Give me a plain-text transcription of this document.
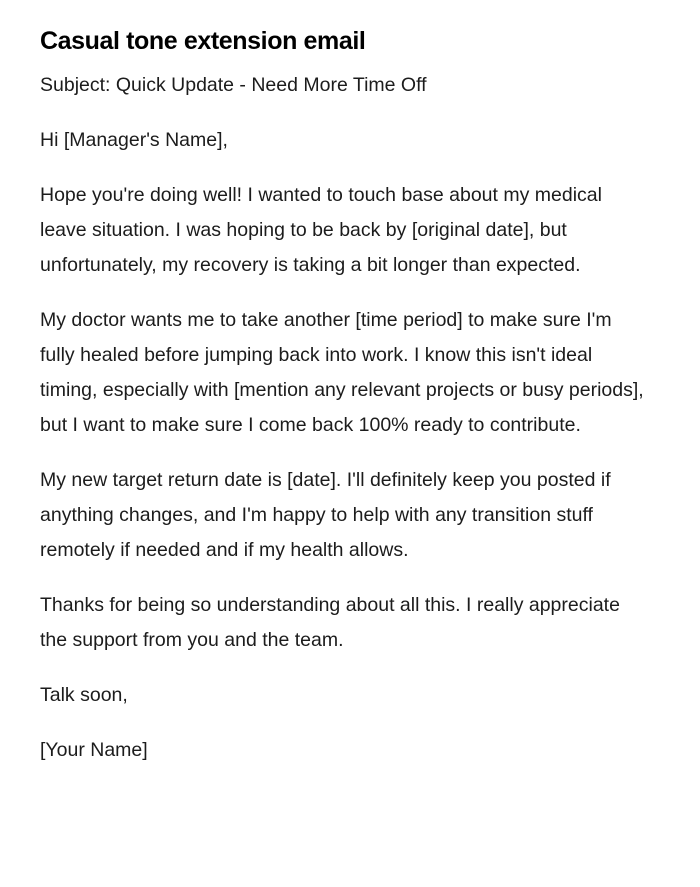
Casual tone extension email

Subject: Quick Update - Need More Time Off

Hi [Manager's Name],

Hope you're doing well! I wanted to touch base about my medical leave situation. I was hoping to be back by [original date], but unfortunately, my recovery is taking a bit longer than expected.

My doctor wants me to take another [time period] to make sure I'm fully healed before jumping back into work. I know this isn't ideal timing, especially with [mention any relevant projects or busy periods], but I want to make sure I come back 100% ready to contribute.

My new target return date is [date]. I'll definitely keep you posted if anything changes, and I'm happy to help with any transition stuff remotely if needed and if my health allows.

Thanks for being so understanding about all this. I really appreciate the support from you and the team.

Talk soon,

[Your Name]
